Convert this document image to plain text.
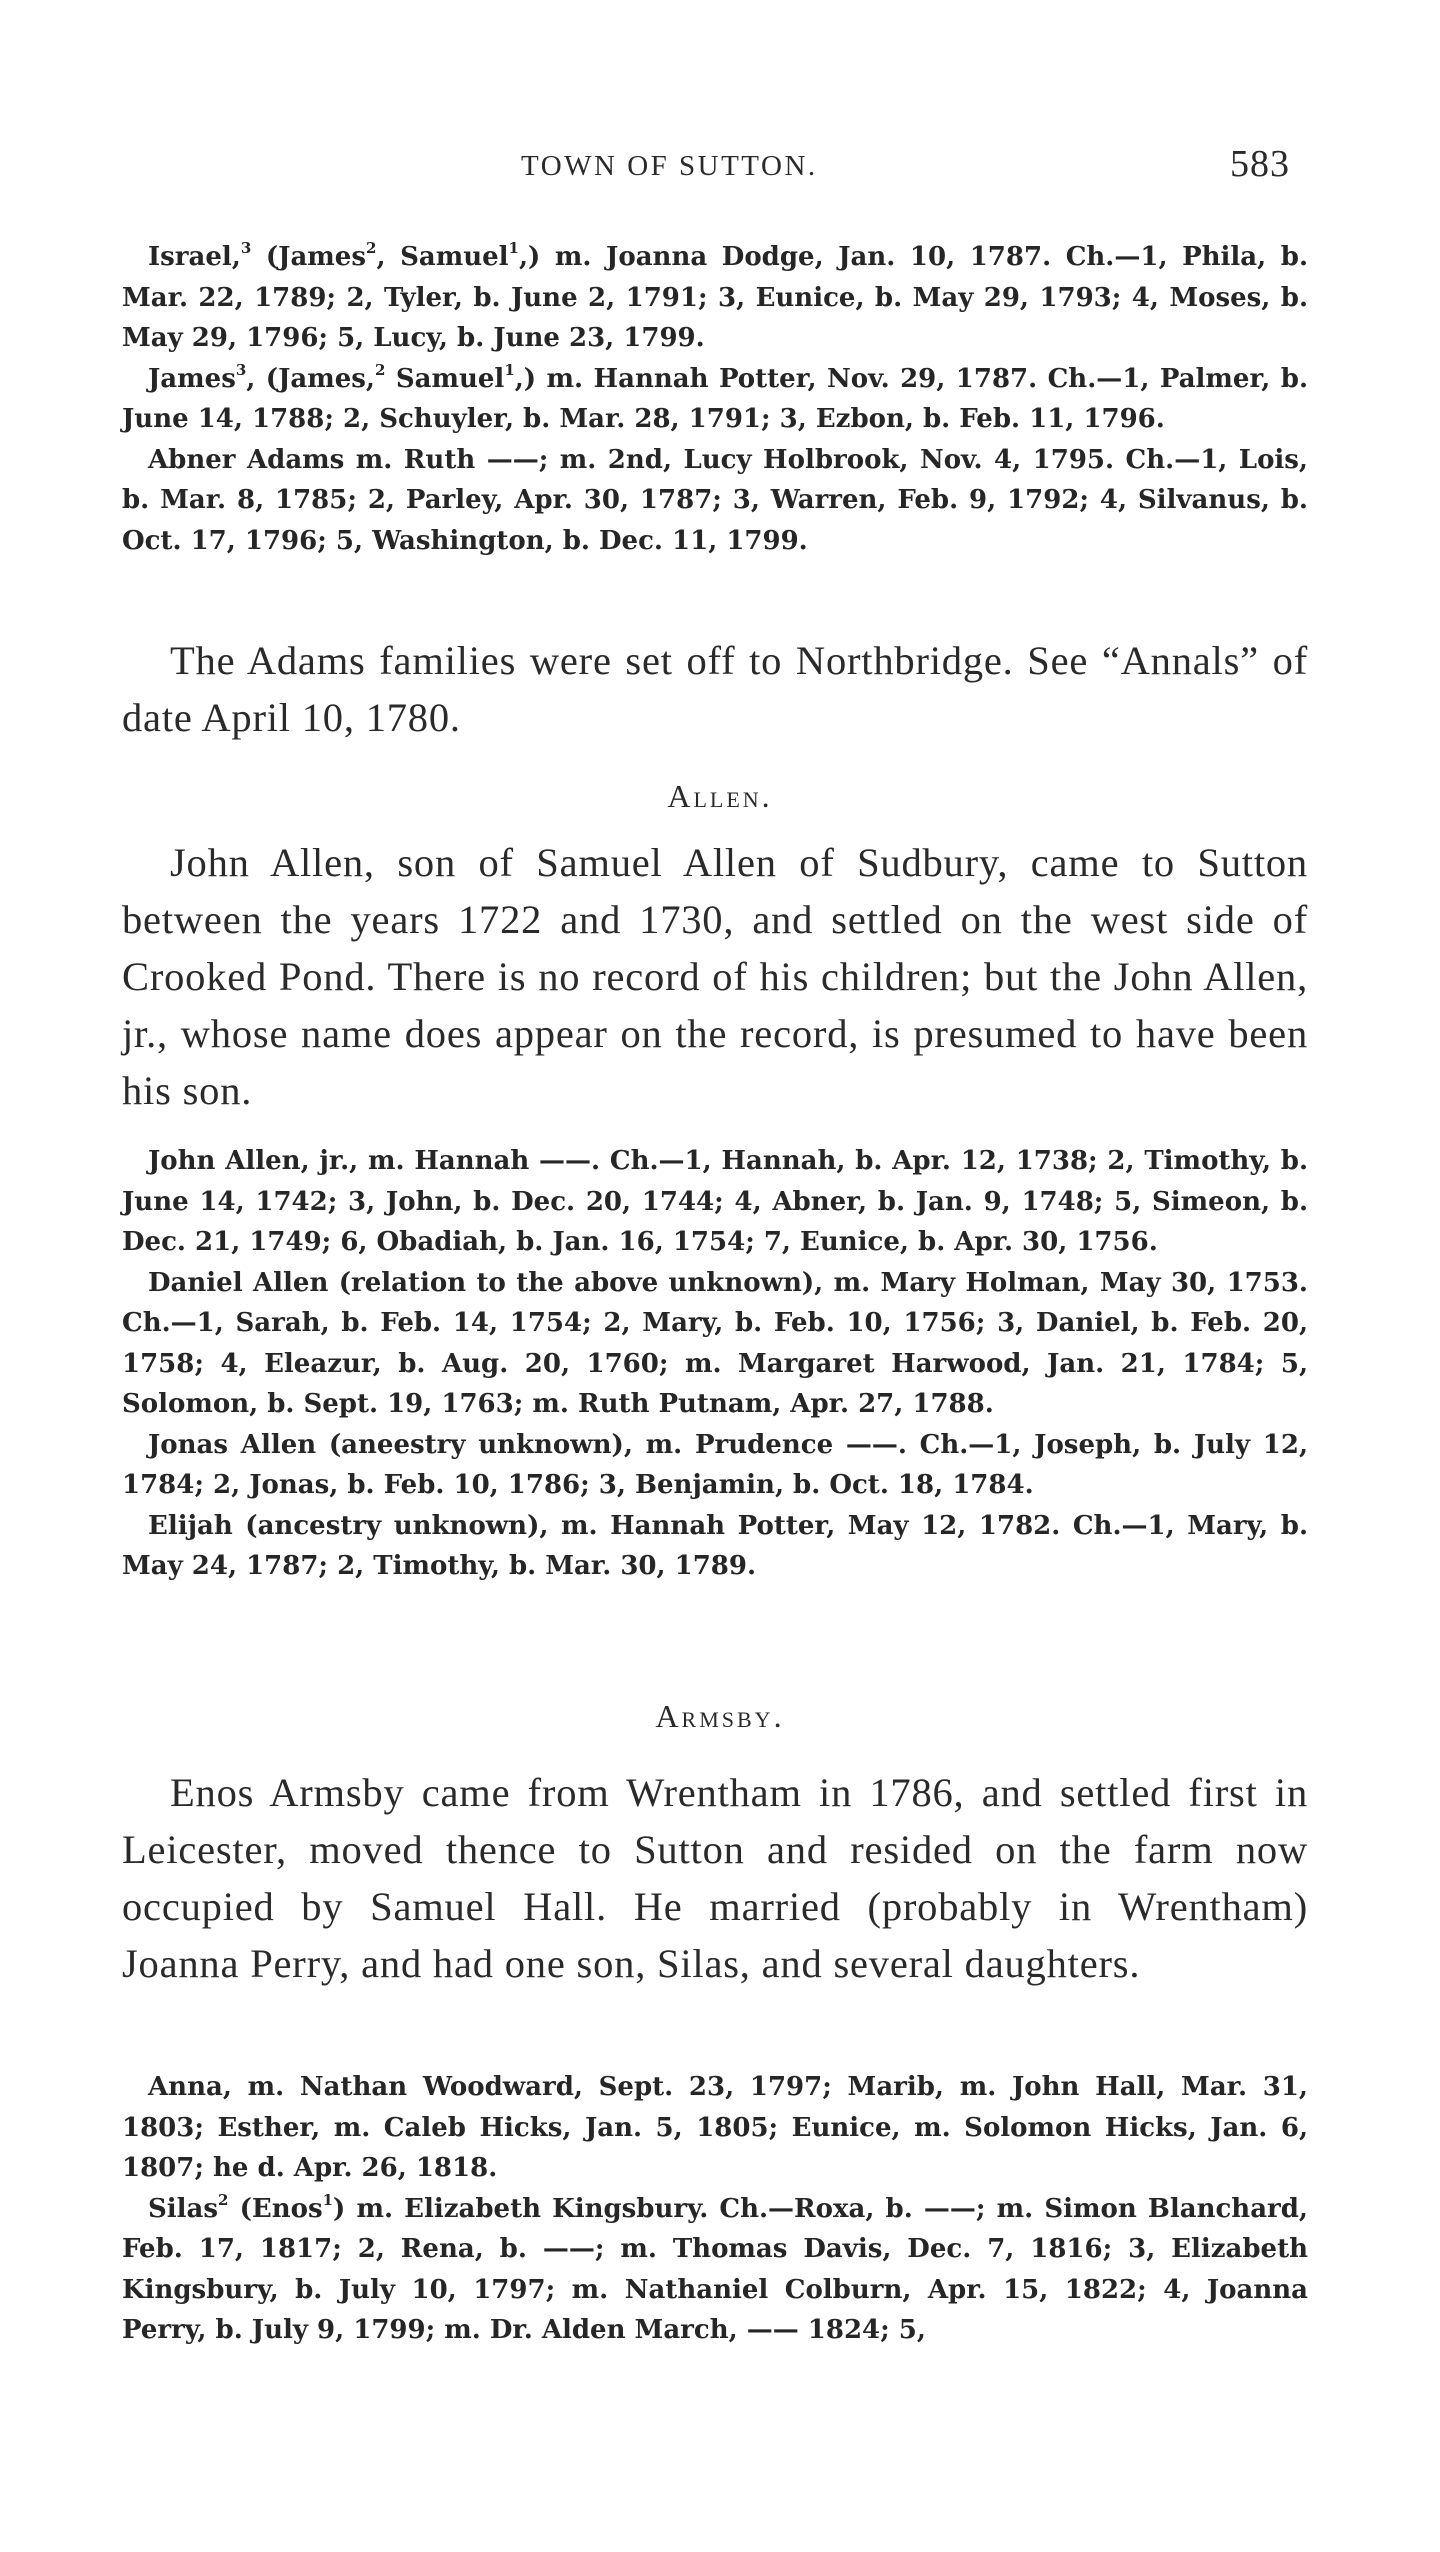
TOWN OF SUTTON.	583

Israel,$^3$ (James$^2$, Samuel$^1$,) m. Joanna Dodge, Jan. 10, 1787. Ch.—1, Phila, b. Mar. 22, 1789; 2, Tyler, b. June 2, 1791; 3, Eunice, b. May 29, 1793; 4, Moses, b. May 29, 1796; 5, Lucy, b. June 23, 1799.

James$^3$, (James,$^2$ Samuel$^1$,) m. Hannah Potter, Nov. 29, 1787. Ch.—1, Palmer, b. June 14, 1788; 2, Schuyler, b. Mar. 28, 1791; 3, Ezbon, b. Feb. 11, 1796.

Abner Adams m. Ruth ——; m. 2nd, Lucy Holbrook, Nov. 4, 1795. Ch.—1, Lois, b. Mar. 8, 1785; 2, Parley, Apr. 30, 1787; 3, Warren, Feb. 9, 1792; 4, Silvanus, b. Oct. 17, 1796; 5, Washington, b. Dec. 11, 1799.

The Adams families were set off to Northbridge. See “Annals” of date April 10, 1780.

Allen.

John Allen, son of Samuel Allen of Sudbury, came to Sutton between the years 1722 and 1730, and settled on the west side of Crooked Pond. There is no record of his children; but the John Allen, jr., whose name does appear on the record, is presumed to have been his son.

John Allen, jr., m. Hannah ——. Ch.—1, Hannah, b. Apr. 12, 1738; 2, Timothy, b. June 14, 1742; 3, John, b. Dec. 20, 1744; 4, Abner, b. Jan. 9, 1748; 5, Simeon, b. Dec. 21, 1749; 6, Obadiah, b. Jan. 16, 1754; 7, Eunice, b. Apr. 30, 1756.

Daniel Allen (relation to the above unknown), m. Mary Holman, May 30, 1753. Ch.—1, Sarah, b. Feb. 14, 1754; 2, Mary, b. Feb. 10, 1756; 3, Daniel, b. Feb. 20, 1758; 4, Eleazur, b. Aug. 20, 1760; m. Margaret Harwood, Jan. 21, 1784; 5, Solomon, b. Sept. 19, 1763; m. Ruth Putnam, Apr. 27, 1788.

Jonas Allen (aneestry unknown), m. Prudence ——. Ch.—1, Joseph, b. July 12, 1784; 2, Jonas, b. Feb. 10, 1786; 3, Benjamin, b. Oct. 18, 1784.

Elijah (ancestry unknown), m. Hannah Potter, May 12, 1782. Ch.—1, Mary, b. May 24, 1787; 2, Timothy, b. Mar. 30, 1789.

Armsby.

Enos Armsby came from Wrentham in 1786, and settled first in Leicester, moved thence to Sutton and resided on the farm now occupied by Samuel Hall. He married (probably in Wrentham) Joanna Perry, and had one son, Silas, and several daughters.

Anna, m. Nathan Woodward, Sept. 23, 1797; Marib, m. John Hall, Mar. 31, 1803; Esther, m. Caleb Hicks, Jan. 5, 1805; Eunice, m. Solomon Hicks, Jan. 6, 1807; he d. Apr. 26, 1818.

Silas$^2$ (Enos$^1$) m. Elizabeth Kingsbury. Ch.—Roxa, b. ——; m. Simon Blanchard, Feb. 17, 1817; 2, Rena, b. ——; m. Thomas Davis, Dec. 7, 1816; 3, Elizabeth Kingsbury, b. July 10, 1797; m. Nathaniel Colburn, Apr. 15, 1822; 4, Joanna Perry, b. July 9, 1799; m. Dr. Alden March, —— 1824; 5,
